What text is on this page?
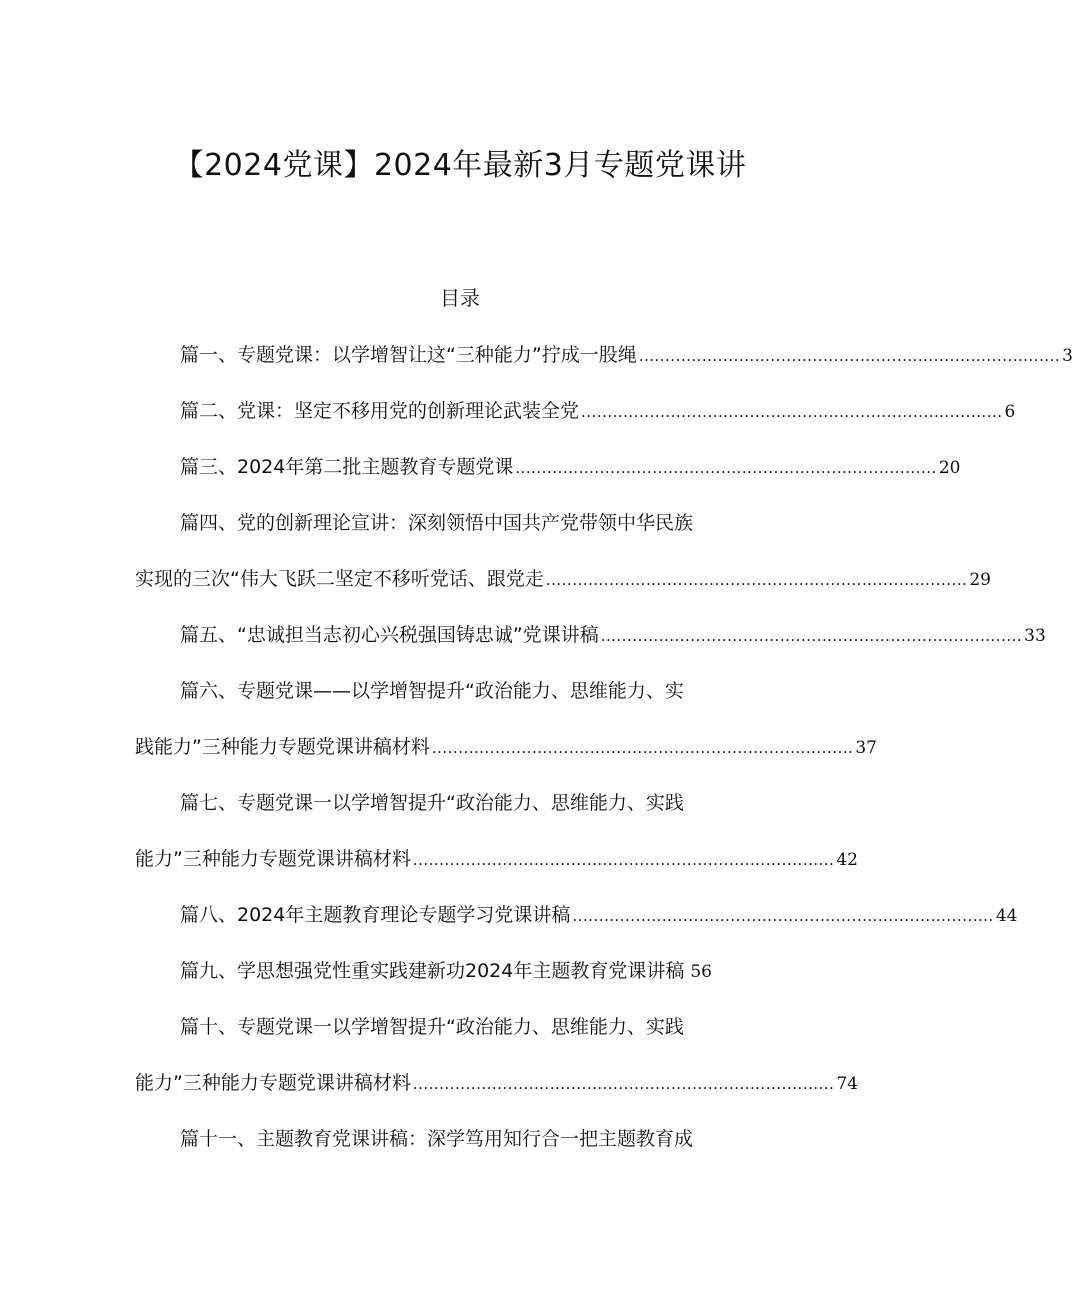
【2024党课】2024年最新3月专题党课讲
目录
篇一、专题党课：以学增智让这“三种能力”拧成一股绳 ................................................................................ 3
篇二、党课：坚定不移用党的创新理论武装全党 ................................................................................ 6
篇三、2024年第二批主题教育专题党课 ................................................................................ 20
篇四、党的创新理论宣讲：深刻领悟中国共产党带领中华民族
实现的三次“伟大飞跃二坚定不移听党话、跟党走 ................................................................................ 29
篇五、“忠诚担当志初心兴税强国铸忠诚”党课讲稿 ................................................................................ 33
篇六、专题党课——以学增智提升“政治能力、思维能力、实
践能力”三种能力专题党课讲稿材料 ................................................................................ 37
篇七、专题党课一以学增智提升“政治能力、思维能力、实践
能力”三种能力专题党课讲稿材料 ................................................................................ 42
篇八、2024年主题教育理论专题学习党课讲稿 ................................................................................ 44
篇九、学思想强党性重实践建新功2024年主题教育党课讲稿 56
篇十、专题党课一以学增智提升“政治能力、思维能力、实践
能力”三种能力专题党课讲稿材料 ................................................................................ 74
篇十一、主题教育党课讲稿：深学笃用知行合一把主题教育成
